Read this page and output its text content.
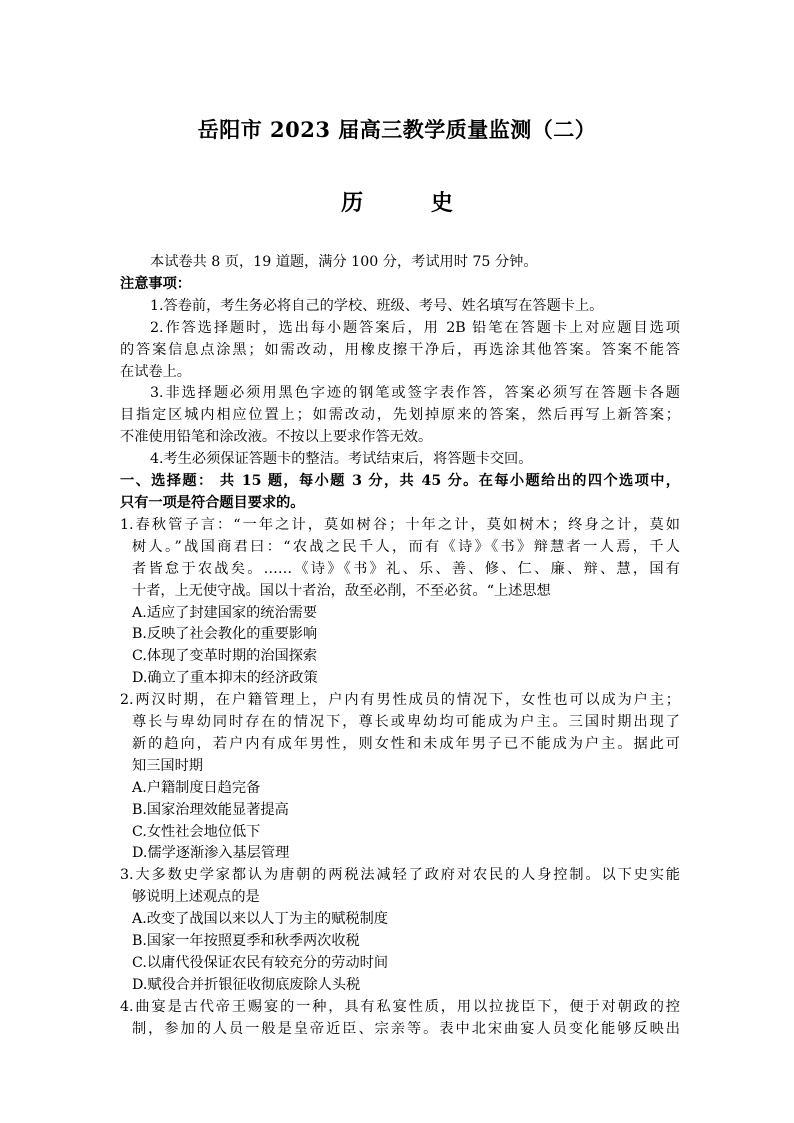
岳阳市 2023 届高三教学质量监测（二）
历 史
本试卷共 8 页，19 道题，满分 100 分，考试用时 75 分钟。
注意事项：
1.答卷前，考生务必将自己的学校、班级、考号、姓名填写在答题卡上。
2.作答选择题时，选出每小题答案后，用 2B 铅笔在答题卡上对应题目选项
的答案信息点涂黑；如需改动，用橡皮擦干净后，再选涂其他答案。答案不能答
在试卷上。
3.非选择题必须用黑色字迹的钢笔或签字表作答，答案必须写在答题卡各题
目指定区城内相应位置上；如需改动，先划掉原来的答案，然后再写上新答案；
不准使用铅笔和涂改液。不按以上要求作答无效。
4.考生必须保证答题卡的整洁。考试结束后，将答题卡交回。
一、选择题： 共 15 题，每小题 3 分，共 45 分。在每小题给出的四个选项中，
只有一项是符合题目要求的。
1.春秋管子言：“一年之计，莫如树谷；十年之计，莫如树木；终身之计，莫如
树人。”战国商君曰：“农战之民千人，而有《诗》《书》辩慧者一人焉，千人
者皆怠于农战矣。……《诗》《书》礼、乐、善、修、仁、廉、辩、慧，国有
十者，上无使守战。国以十者治，敌至必削，不至必贫。“上述思想
A.适应了封建国家的统治需要
B.反映了社会教化的重要影响
C.体现了变革时期的治国探索
D.确立了重本抑末的经济政策
2.两汉时期，在户籍管理上，户内有男性成员的情况下，女性也可以成为户主；
尊长与卑幼同时存在的情况下，尊长或卑幼均可能成为户主。三国时期出现了
新的趋向，若户内有成年男性，则女性和未成年男子已不能成为户主。据此可
知三国时期
A.户籍制度日趋完备
B.国家治理效能显著提高
C.女性社会地位低下
D.儒学逐渐渗入基层管理
3.大多数史学家都认为唐朝的两税法减轻了政府对农民的人身控制。以下史实能
够说明上述观点的是
A.改变了战国以来以人丁为主的赋税制度
B.国家一年按照夏季和秋季两次收税
C.以庸代役保证农民有较充分的劳动时间
D.赋役合并折银征收彻底废除人头税
4.曲宴是古代帝王赐宴的一种，具有私宴性质，用以拉拢臣下，便于对朝政的控
制，参加的人员一般是皇帝近臣、宗亲等。表中北宋曲宴人员变化能够反映出
